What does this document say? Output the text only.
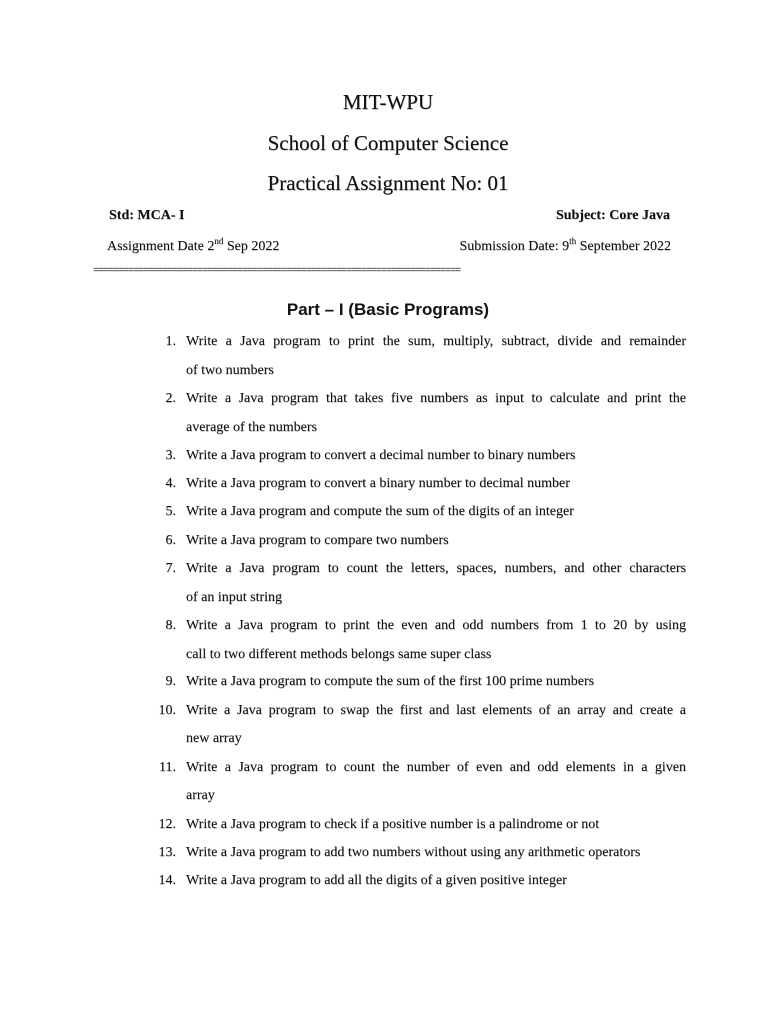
MIT-WPU
School of Computer Science
Practical Assignment No: 01
Std: MCA- I	Subject: Core Java
Assignment Date 2nd Sep 2022	Submission Date: 9th September 2022
==========================================================================
Part – I (Basic Programs)
1. Write a Java program to print the sum, multiply, subtract, divide and remainder
of two numbers
2. Write a Java program that takes five numbers as input to calculate and print the
average of the numbers
3. Write a Java program to convert a decimal number to binary numbers
4. Write a Java program to convert a binary number to decimal number
5. Write a Java program and compute the sum of the digits of an integer
6. Write a Java program to compare two numbers
7. Write a Java program to count the letters, spaces, numbers, and other characters
of an input string
8. Write a Java program to print the even and odd numbers from 1 to 20 by using
call to two different methods belongs same super class
9. Write a Java program to compute the sum of the first 100 prime numbers
10. Write a Java program to swap the first and last elements of an array and create a
new array
11. Write a Java program to count the number of even and odd elements in a given
array
12. Write a Java program to check if a positive number is a palindrome or not
13. Write a Java program to add two numbers without using any arithmetic operators
14. Write a Java program to add all the digits of a given positive integer
